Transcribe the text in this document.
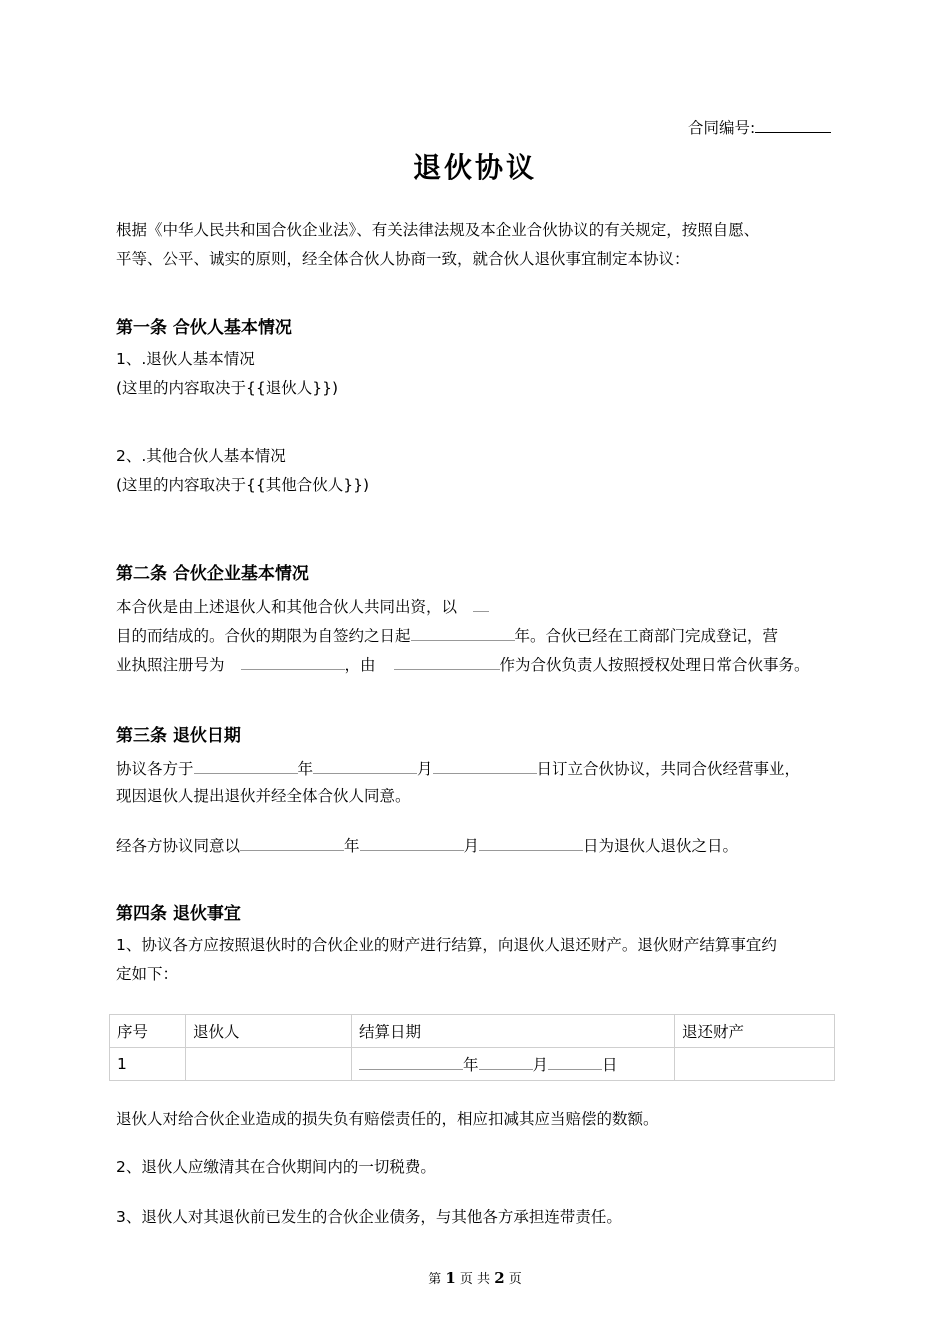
合同编号:
退伙协议
根据《中华人民共和国合伙企业法》、有关法律法规及本企业合伙协议的有关规定，按照自愿、
平等、公平、诚实的原则，经全体合伙人协商一致，就合伙人退伙事宜制定本协议：
第一条 合伙人基本情况
1、.退伙人基本情况
(这里的内容取决于{{退伙人}})
2、.其他合伙人基本情况
(这里的内容取决于{{其他合伙人}})
第二条 合伙企业基本情况
本合伙是由上述退伙人和其他合伙人共同出资，以
目的而结成的。合伙的期限为自签约之日起	年。合伙已经在工商部门完成登记，营
业执照注册号为	，由	作为合伙负责人按照授权处理日常合伙事务。
第三条 退伙日期
协议各方于	年	月	日订立合伙协议，共同合伙经营事业，
现因退伙人提出退伙并经全体合伙人同意。
经各方协议同意以	年	月	日为退伙人退伙之日。
第四条 退伙事宜
1、协议各方应按照退伙时的合伙企业的财产进行结算，向退伙人退还财产。退伙财产结算事宜约
定如下：
序号	退伙人	结算日期	退还财产
1		年 月 日	
退伙人对给合伙企业造成的损失负有赔偿责任的，相应扣减其应当赔偿的数额。
2、退伙人应缴清其在合伙期间内的一切税费。
3、退伙人对其退伙前已发生的合伙企业债务，与其他各方承担连带责任。
第 1 页 共 2 页
